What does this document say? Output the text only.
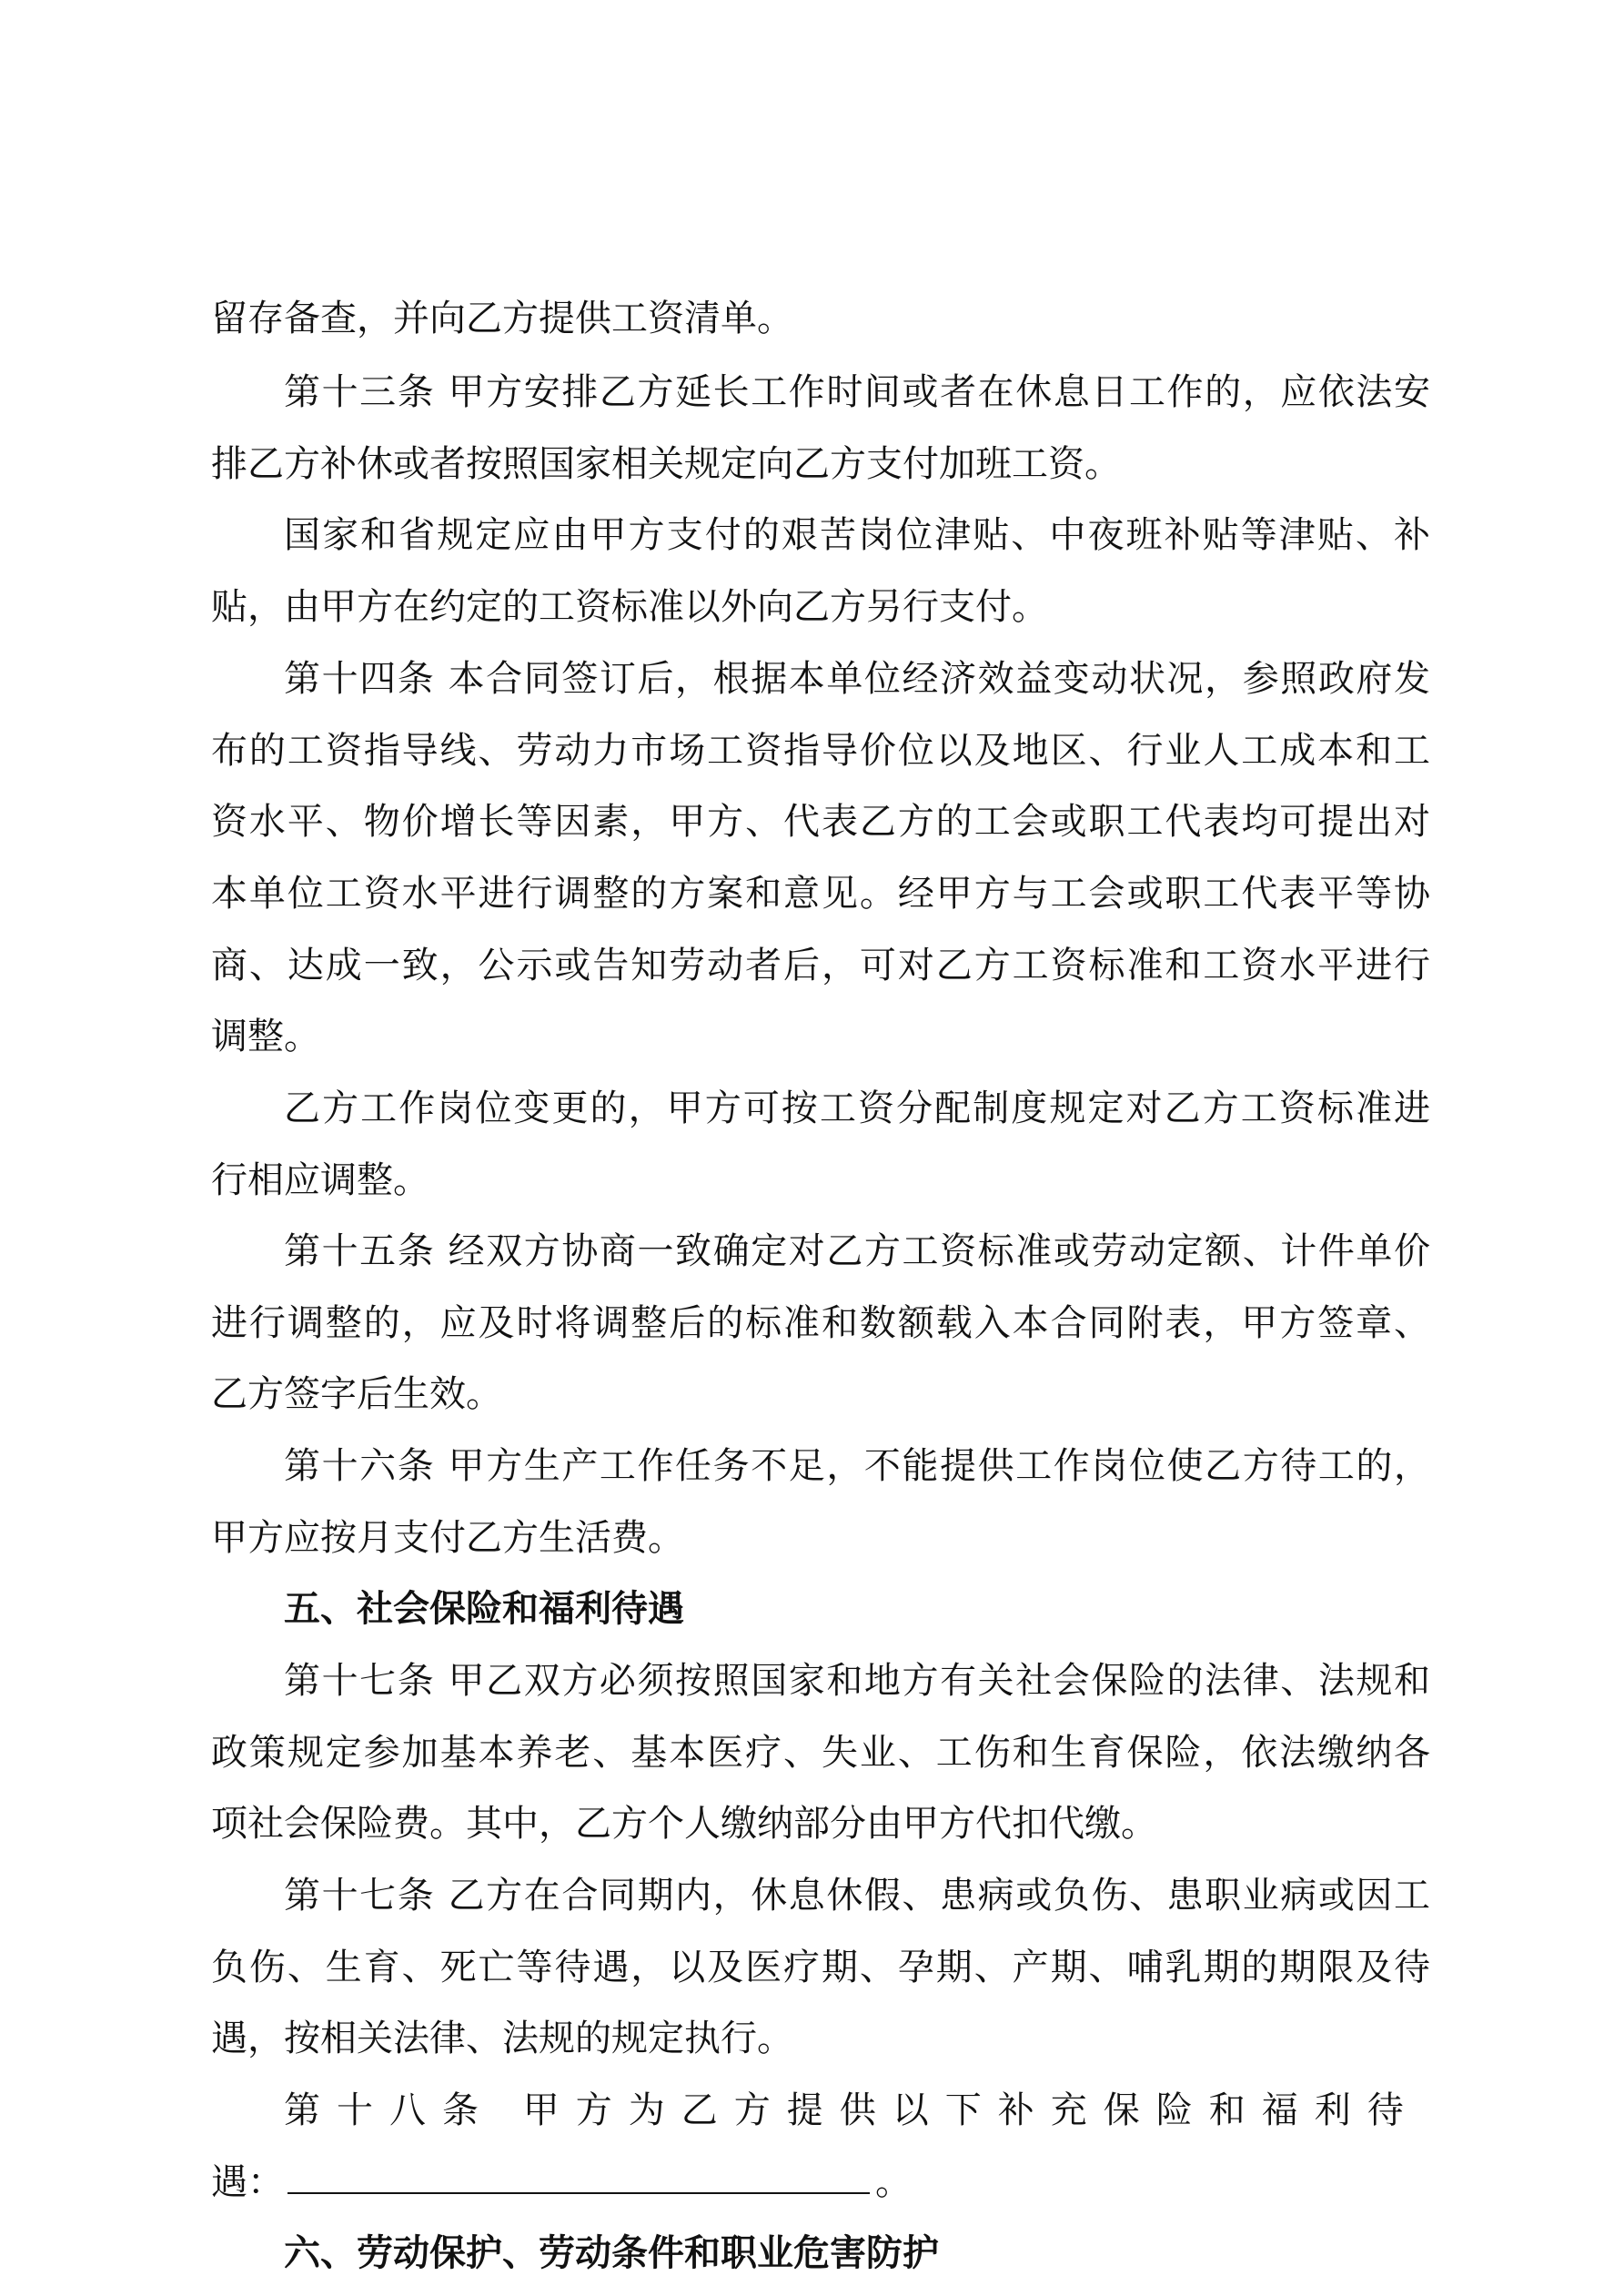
留存备查，并向乙方提供工资清单。
第十三条 甲方安排乙方延长工作时间或者在休息日工作的，应依法安
排乙方补休或者按照国家相关规定向乙方支付加班工资。
国家和省规定应由甲方支付的艰苦岗位津贴、中夜班补贴等津贴、补
贴，由甲方在约定的工资标准以外向乙方另行支付。
第十四条 本合同签订后，根据本单位经济效益变动状况，参照政府发
布的工资指导线、劳动力市场工资指导价位以及地区、行业人工成本和工
资水平、物价增长等因素，甲方、代表乙方的工会或职工代表均可提出对
本单位工资水平进行调整的方案和意见。经甲方与工会或职工代表平等协
商、达成一致，公示或告知劳动者后，可对乙方工资标准和工资水平进行
调整。
乙方工作岗位变更的，甲方可按工资分配制度规定对乙方工资标准进
行相应调整。
第十五条 经双方协商一致确定对乙方工资标准或劳动定额、计件单价
进行调整的，应及时将调整后的标准和数额载入本合同附表，甲方签章、
乙方签字后生效。
第十六条 甲方生产工作任务不足，不能提供工作岗位使乙方待工的，
甲方应按月支付乙方生活费。
五、社会保险和福利待遇
第十七条 甲乙双方必须按照国家和地方有关社会保险的法律、法规和
政策规定参加基本养老、基本医疗、失业、工伤和生育保险，依法缴纳各
项社会保险费。其中，乙方个人缴纳部分由甲方代扣代缴。
第十七条 乙方在合同期内，休息休假、患病或负伤、患职业病或因工
负伤、生育、死亡等待遇，以及医疗期、孕期、产期、哺乳期的期限及待
遇，按相关法律、法规的规定执行。
第十八条 甲方为乙方提供以下补充保险和福利待
遇：	。
六、劳动保护、劳动条件和职业危害防护
